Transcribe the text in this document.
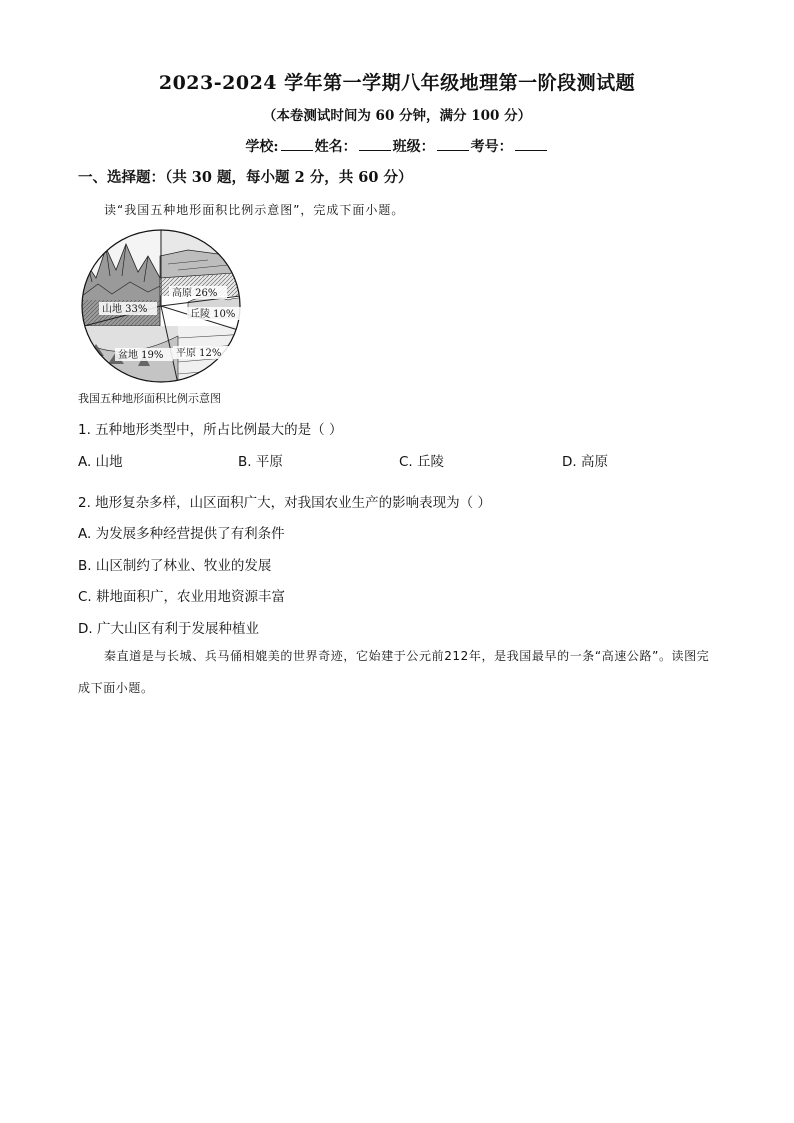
2023-2024 学年第一学期八年级地理第一阶段测试题
（本卷测试时间为 60 分钟，满分 100 分）
学校:	姓名：	班级：	考号：
一、选择题：（共 30 题，每小题 2 分，共 60 分）
读“我国五种地形面积比例示意图”，完成下面小题。
山地 33%
高原 26%
丘陵 10%
平原 12%
盆地 19%
我国五种地形面积比例示意图
1. 五种地形类型中，所占比例最大的是（ ）
A. 山地	B. 平原	C. 丘陵	D. 高原
2. 地形复杂多样，山区面积广大，对我国农业生产的影响表现为（ ）
A. 为发展多种经营提供了有利条件
B. 山区制约了林业、牧业的发展
C. 耕地面积广，农业用地资源丰富
D. 广大山区有利于发展种植业
秦直道是与长城、兵马俑相媲美的世界奇迹，它始建于公元前212年，是我国最早的一条“高速公路”。读图完成下面小题。
